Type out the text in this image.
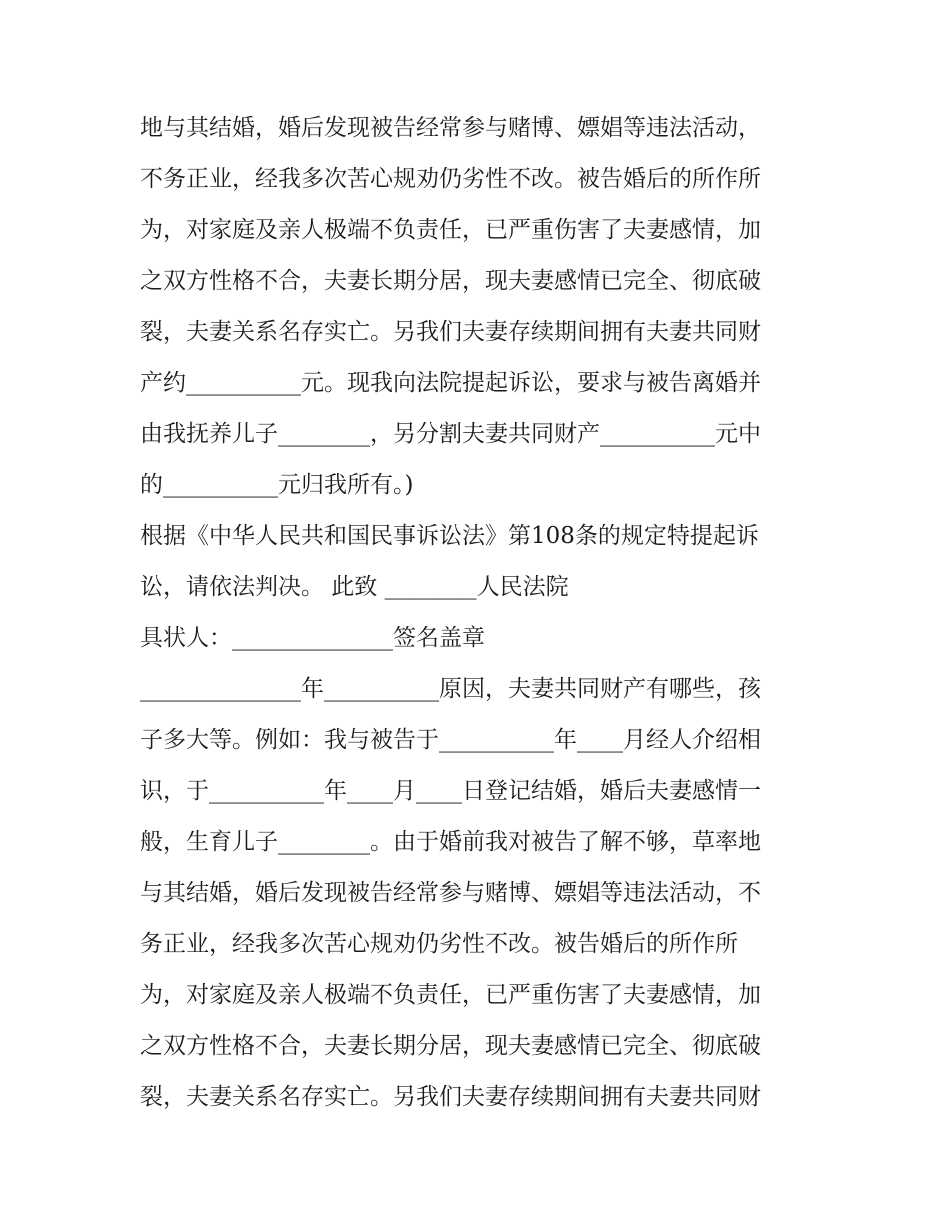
地与其结婚，婚后发现被告经常参与赌博、嫖娼等违法活动，
不务正业，经我多次苦心规劝仍劣性不改。被告婚后的所作所
为，对家庭及亲人极端不负责任，已严重伤害了夫妻感情，加
之双方性格不合，夫妻长期分居，现夫妻感情已完全、彻底破
裂，夫妻关系名存实亡。另我们夫妻存续期间拥有夫妻共同财
产约__________元。现我向法院提起诉讼，要求与被告离婚并
由我抚养儿子________，另分割夫妻共同财产__________元中
的__________元归我所有。)
根据《中华人民共和国民事诉讼法》第108条的规定特提起诉
讼，请依法判决。 此致 ________人民法院
具状人：______________签名盖章
______________年__________原因，夫妻共同财产有哪些，孩
子多大等。例如：我与被告于__________年____月经人介绍相
识，于__________年____月____日登记结婚，婚后夫妻感情一
般，生育儿子________。由于婚前我对被告了解不够，草率地
与其结婚，婚后发现被告经常参与赌博、嫖娼等违法活动，不
务正业，经我多次苦心规劝仍劣性不改。被告婚后的所作所
为，对家庭及亲人极端不负责任，已严重伤害了夫妻感情，加
之双方性格不合，夫妻长期分居，现夫妻感情已完全、彻底破
裂，夫妻关系名存实亡。另我们夫妻存续期间拥有夫妻共同财
